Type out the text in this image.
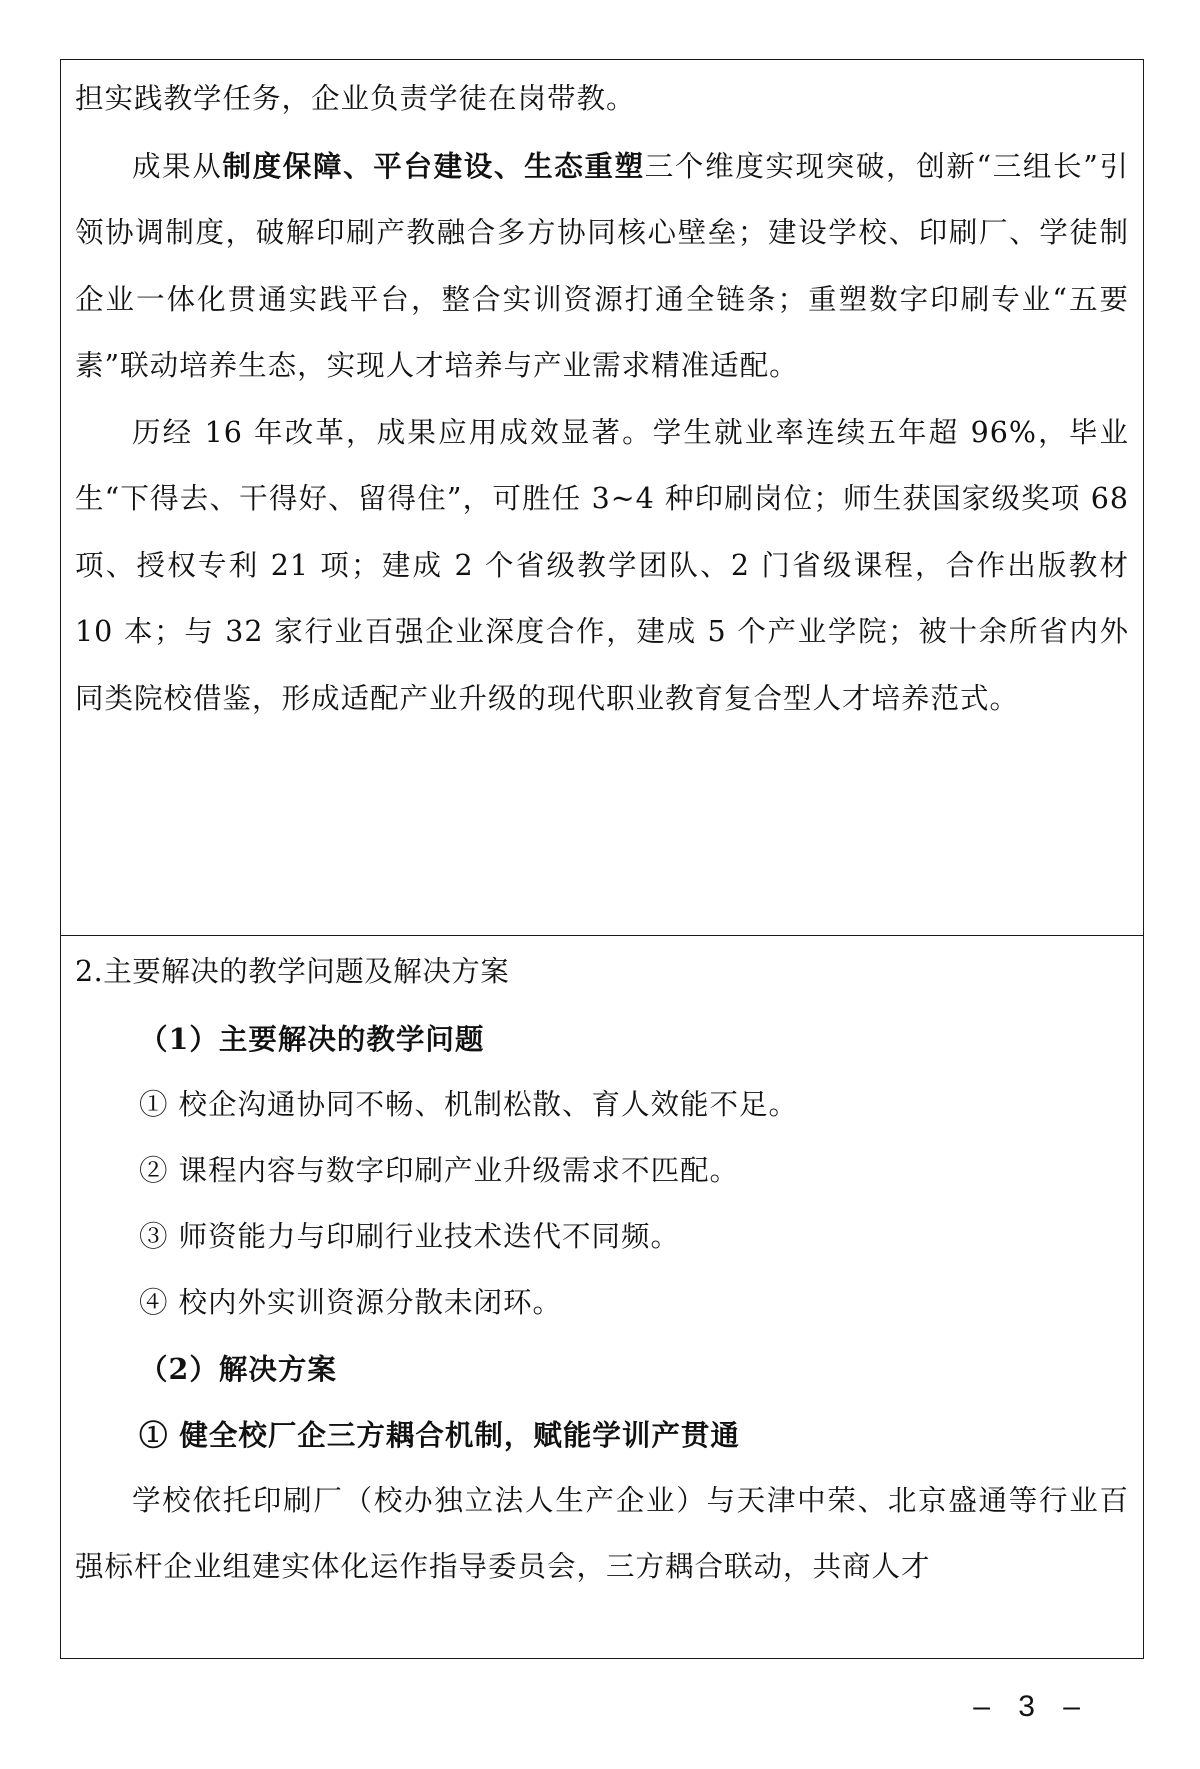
担实践教学任务，企业负责学徒在岗带教。

成果从制度保障、平台建设、生态重塑三个维度实现突破，创新“三组长”引领协调制度，破解印刷产教融合多方协同核心壁垒；建设学校、印刷厂、学徒制企业一体化贯通实践平台，整合实训资源打通全链条；重塑数字印刷专业“五要素”联动培养生态，实现人才培养与产业需求精准适配。

历经 16 年改革，成果应用成效显著。学生就业率连续五年超 96%，毕业生“下得去、干得好、留得住”，可胜任 3~4 种印刷岗位；师生获国家级奖项 68 项、授权专利 21 项；建成 2 个省级教学团队、2 门省级课程，合作出版教材 10 本；与 32 家行业百强企业深度合作，建成 5 个产业学院；被十余所省内外同类院校借鉴，形成适配产业升级的现代职业教育复合型人才培养范式。

2.主要解决的教学问题及解决方案

（1）主要解决的教学问题

① 校企沟通协同不畅、机制松散、育人效能不足。

② 课程内容与数字印刷产业升级需求不匹配。

③ 师资能力与印刷行业技术迭代不同频。

④ 校内外实训资源分散未闭环。

（2）解决方案

① 健全校厂企三方耦合机制，赋能学训产贯通

学校依托印刷厂（校办独立法人生产企业）与天津中荣、北京盛通等行业百强标杆企业组建实体化运作指导委员会，三方耦合联动，共商人才

– 3 –
